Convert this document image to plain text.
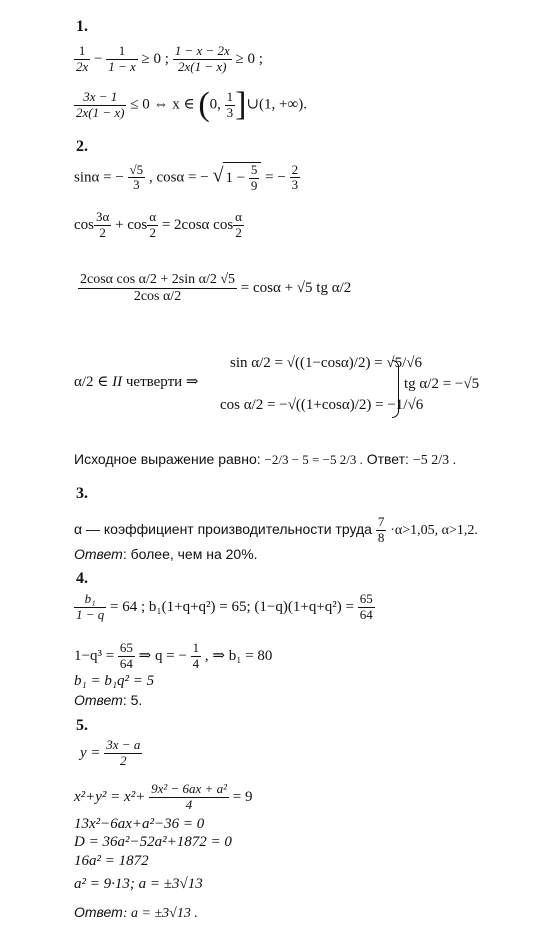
1.
$\frac{1}{2x} - \frac{1}{1 - x} \ge 0$ ; $\frac{1 - x - 2x}{2x(1 - x)} \ge 0$ ;
$\frac{3x - 1}{2x(1 - x)} \le 0$ ⇔ x ∈ (0, $\frac{1}{3}$ ]∪(1, +∞).
2.
sinα = − $\frac{√5}{3}$ , cosα = − √ $1 - \frac{5}{9}$ = − $\frac{2}{3}$
$\cos \frac{3\alpha}{2} + \cos \frac{\alpha}{2} = 2\cos\alpha$ $\cos \frac{\alpha}{2}$
$\frac{\text{2cosα cos α/2 + 2sin α/2 √5}}{\text{2cos α/2}} = \cos\alpha + √5$ tg α/2
α/2 ∈ II четверти ⇒
sin α/2 = √((1−cosα)/2) = √5/√6
cos α/2 = −√((1+cosα)/2) = −1/√6
tg α/2 = −√5
Исходное выражение равно: −2/3 − 5 = −5 2/3 . Ответ: −5 2/3 .
3.
α — коэффициент производительности труда $\frac{7}{8} \cdot\alpha>1,05$, α>1,2.
Ответ: более, чем на 20%.
4.
$\frac{\text{b₁}}{1 - q} = 64$ ; b₁(1+q+q²) = 65; $(1-q)(1+q+q^2) = \frac{65}{64}$
$1-q^3 = \frac{65}{64}$ ⇒ q = − $\frac{1}{4}$ , ⇒ b₁ = 80
b₁ = b₁q² = 5
Ответ: 5.
5.
$y = \frac{3x - a}{2}$
$x^2+y^2 = x^2+ \frac{\text{9x² − 6ax + a²}}{4} = 9$
13x²−6ax+a²−36 = 0
D = 36a²−52a²+1872 = 0
16a² = 1872
a² = 9·13; a = ±3√13
Ответ: a = ±3√13 .
